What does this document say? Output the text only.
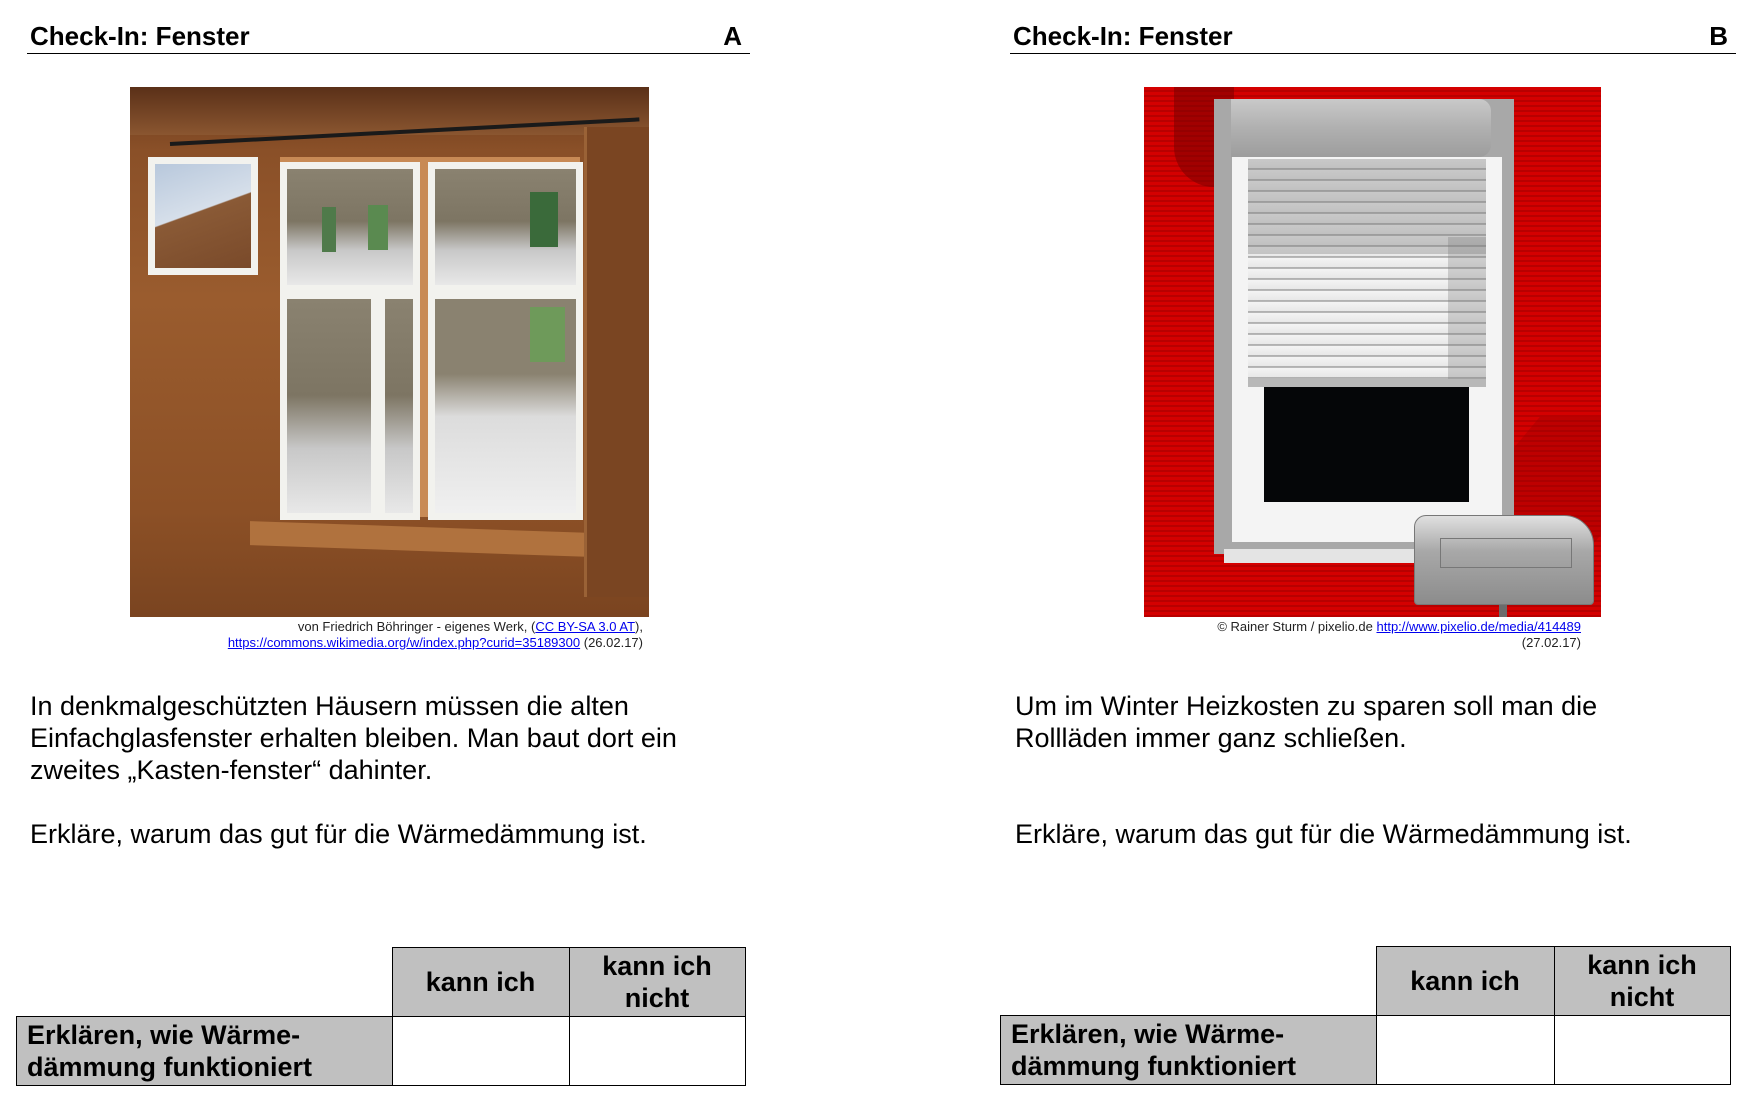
Check-In: Fenster	A
von Friedrich Böhringer - eigenes Werk, (CC BY-SA 3.0 AT),
https://commons.wikimedia.org/w/index.php?curid=35189300 (26.02.17)

In denkmalgeschützten Häusern müssen die alten Einfachglasfenster erhalten bleiben. Man baut dort ein zweites „Kasten-fenster“ dahinter.

Erkläre, warum das gut für die Wärmedämmung ist.

	kann ich	kann ich nicht
Erklären, wie Wärme-dämmung funktioniert		
Check-In: Fenster	B
© Rainer Sturm / pixelio.de http://www.pixelio.de/media/414489
(27.02.17)

Um im Winter Heizkosten zu sparen soll man die Rollläden immer ganz schließen.

Erkläre, warum das gut für die Wärmedämmung ist.

	kann ich	kann ich nicht
Erklären, wie Wärme-dämmung funktioniert		
